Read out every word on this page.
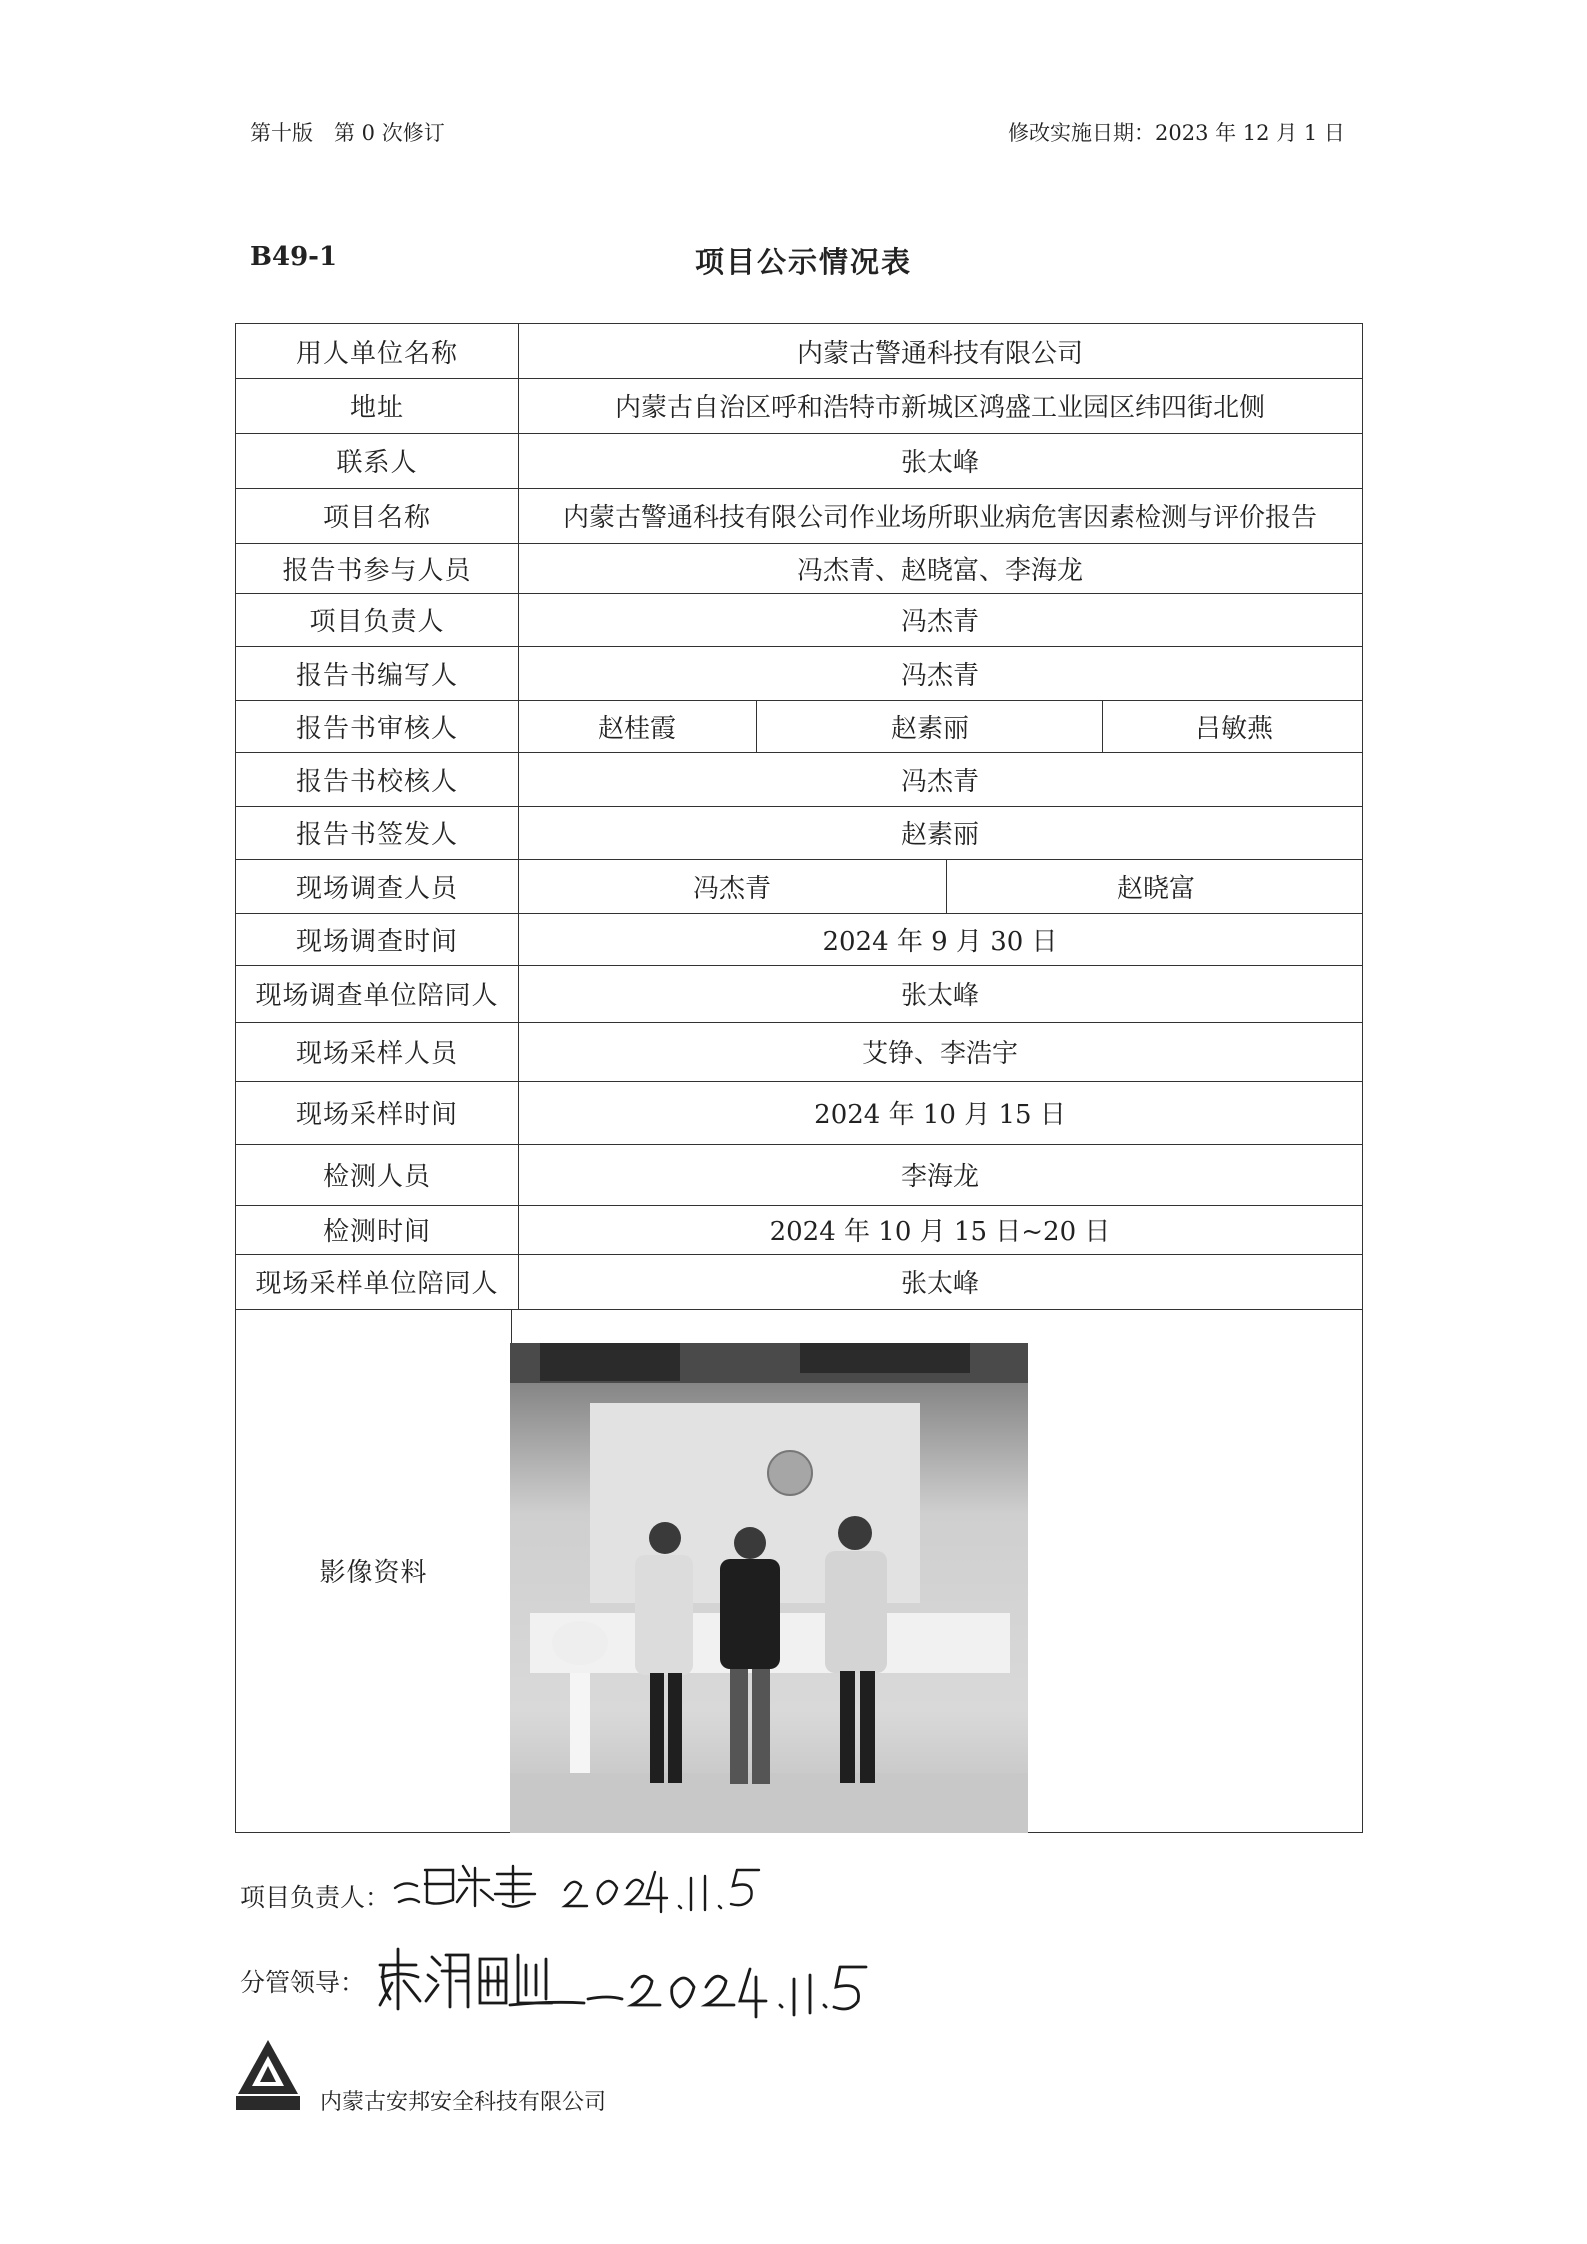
第十版　第 0 次修订	修改实施日期：2023 年 12 月 1 日
B49-1	项目公示情况表
用人单位名称	内蒙古警通科技有限公司
地址	内蒙古自治区呼和浩特市新城区鸿盛工业园区纬四街北侧
联系人	张太峰
项目名称	内蒙古警通科技有限公司作业场所职业病危害因素检测与评价报告
报告书参与人员	冯杰青、赵晓富、李海龙
项目负责人	冯杰青
报告书编写人	冯杰青
报告书审核人	赵桂霞	赵素丽	吕敏燕
报告书校核人	冯杰青
报告书签发人	赵素丽
现场调查人员	冯杰青	赵晓富
现场调查时间	2024 年 9 月 30 日
现场调查单位陪同人	张太峰
现场采样人员	艾铮、李浩宇
现场采样时间	2024 年 10 月 15 日
检测人员	李海龙
检测时间	2024 年 10 月 15 日~20 日
现场采样单位陪同人	张太峰
影像资料
项目负责人：
分管领导：
内蒙古安邦安全科技有限公司
